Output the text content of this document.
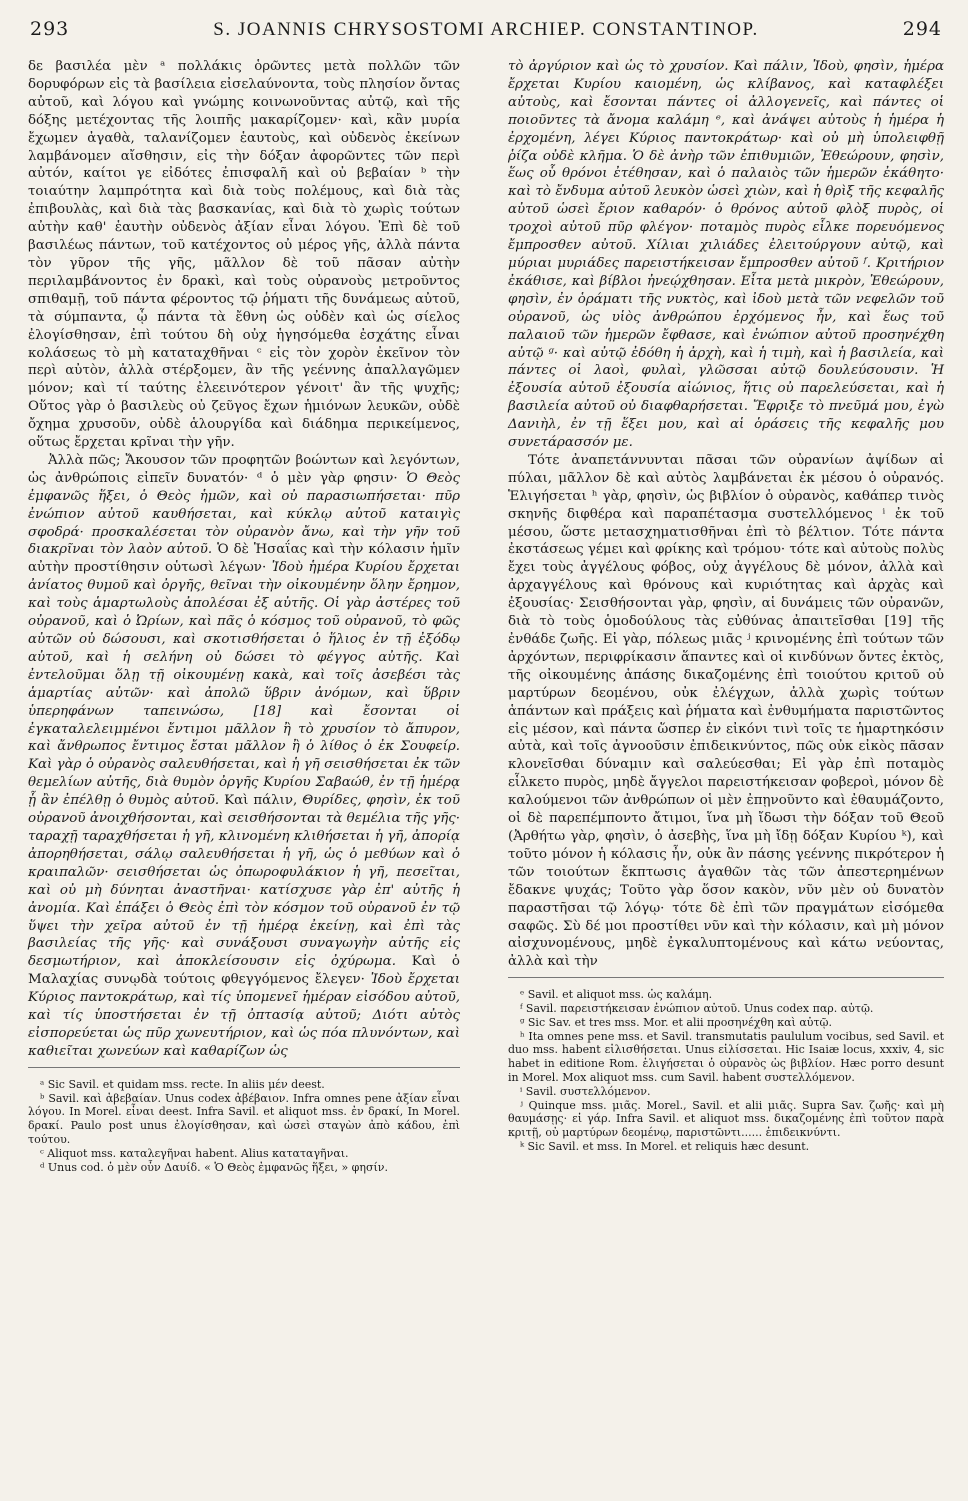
293	S. JOANNIS CHRYSOSTOMI ARCHIEP. CONSTANTINOP.	294

δε βασιλέα μὲν ᵃ πολλάκις ὁρῶντες μετὰ πολλῶν τῶν δορυφόρων εἰς τὰ βασίλεια εἰσελαύνοντα, τοὺς πλησίον ὄντας αὐτοῦ, καὶ λόγου καὶ γνώμης κοινωνοῦντας αὐτῷ, καὶ τῆς δόξης μετέχοντας τῆς λοιπῆς μακαρίζομεν· καὶ, κἂν μυρία ἔχωμεν ἀγαθὰ, ταλανίζομεν ἑαυτοὺς, καὶ οὐδενὸς ἐκείνων λαμβάνομεν αἴσθησιν, εἰς τὴν δόξαν ἀφορῶντες τῶν περὶ αὐτόν, καίτοι γε εἰδότες ἐπισφαλῆ καὶ οὐ βεβαίαν ᵇ τὴν τοιαύτην λαμπρότητα καὶ διὰ τοὺς πολέμους, καὶ διὰ τὰς ἐπιβουλὰς, καὶ διὰ τὰς βασκανίας, καὶ διὰ τὸ χωρὶς τούτων αὐτὴν καθ' ἑαυτὴν οὐδενὸς ἀξίαν εἶναι λόγου. Ἐπὶ δὲ τοῦ βασιλέως πάντων, τοῦ κατέχοντος οὐ μέρος γῆς, ἀλλὰ πάντα τὸν γῦρον τῆς γῆς, μᾶλλον δὲ τοῦ πᾶσαν αὐτὴν περιλαμβάνοντος ἐν δρακὶ, καὶ τοὺς οὐρανοὺς μετροῦντος σπιθαμῇ, τοῦ πάντα φέροντος τῷ ῥήματι τῆς δυνάμεως αὐτοῦ, τὰ σύμπαντα, ᾧ πάντα τὰ ἔθνη ὡς οὐδὲν καὶ ὡς σίελος ἐλογίσθησαν, ἐπὶ τούτου δὴ οὐχ ἡγησόμεθα ἐσχάτης εἶναι κολάσεως τὸ μὴ καταταχθῆναι ᶜ εἰς τὸν χορὸν ἐκεῖνον τὸν περὶ αὐτὸν, ἀλλὰ στέρξομεν, ἂν τῆς γεέννης ἀπαλλαγῶμεν μόνον; καὶ τί ταύτης ἐλεεινότερον γένοιτ' ἂν τῆς ψυχῆς; Οὕτος γὰρ ὁ βασιλεὺς οὐ ζεῦγος ἔχων ἡμιόνων λευκῶν, οὐδὲ ὄχημα χρυσοῦν, οὐδὲ ἁλουργίδα καὶ διάδημα περικείμενος, οὕτως ἔρχεται κρῖναι τὴν γῆν.

Ἀλλὰ πῶς; Ἄκουσον τῶν προφητῶν βοώντων καὶ λεγόντων, ὡς ἀνθρώποις εἰπεῖν δυνατόν· ᵈ ὁ μὲν γὰρ φησιν· Ὁ Θεὸς ἐμφανῶς ἥξει, ὁ Θεὸς ἡμῶν, καὶ οὐ παρασιωπήσεται· πῦρ ἐνώπιον αὐτοῦ καυθήσεται, καὶ κύκλῳ αὐτοῦ καταιγὶς σφοδρά· προσκαλέσεται τὸν οὐρανὸν ἄνω, καὶ τὴν γῆν τοῦ διακρῖναι τὸν λαὸν αὐτοῦ. Ὁ δὲ Ἡσαΐας καὶ τὴν κόλασιν ἡμῖν αὐτὴν προστίθησιν οὑτωσὶ λέγων· Ἰδοὺ ἡμέρα Κυρίου ἔρχεται ἀνίατος θυμοῦ καὶ ὀργῆς, θεῖναι τὴν οἰκουμένην ὅλην ἔρημον, καὶ τοὺς ἁμαρτωλοὺς ἀπολέσαι ἐξ αὐτῆς. Οἱ γὰρ ἀστέρες τοῦ οὐρανοῦ, καὶ ὁ Ὠρίων, καὶ πᾶς ὁ κόσμος τοῦ οὐρανοῦ, τὸ φῶς αὐτῶν οὐ δώσουσι, καὶ σκοτισθήσεται ὁ ἥλιος ἐν τῇ ἐξόδῳ αὐτοῦ, καὶ ἡ σελήνη οὐ δώσει τὸ φέγγος αὐτῆς. Καὶ ἐντελοῦμαι ὅλῃ τῇ οἰκουμένῃ κακὰ, καὶ τοῖς ἀσεβέσι τὰς ἁμαρτίας αὐτῶν· καὶ ἀπολῶ ὕβριν ἀνόμων, καὶ ὕβριν ὑπερηφάνων ταπεινώσω, [18] καὶ ἔσονται οἱ ἐγκαταλελειμμένοι ἔντιμοι μᾶλλον ἢ τὸ χρυσίον τὸ ἄπυρον, καὶ ἄνθρωπος ἔντιμος ἔσται μᾶλλον ἢ ὁ λίθος ὁ ἐκ Σουφείρ. Καὶ γὰρ ὁ οὐρανὸς σαλευθήσεται, καὶ ἡ γῆ σεισθήσεται ἐκ τῶν θεμελίων αὐτῆς, διὰ θυμὸν ὀργῆς Κυρίου Σαβαώθ, ἐν τῇ ἡμέρᾳ ᾗ ἂν ἐπέλθῃ ὁ θυμὸς αὐτοῦ. Καὶ πάλιν, Θυρίδες, φησὶν, ἐκ τοῦ οὐρανοῦ ἀνοιχθήσονται, καὶ σεισθήσονται τὰ θεμέλια τῆς γῆς· ταραχῇ ταραχθήσεται ἡ γῆ, κλινομένη κλιθήσεται ἡ γῆ, ἀπορίᾳ ἀπορηθήσεται, σάλῳ σαλευθήσεται ἡ γῆ, ὡς ὁ μεθύων καὶ ὁ κραιπαλῶν· σεισθήσεται ὡς ὀπωροφυλάκιον ἡ γῆ, πεσεῖται, καὶ οὐ μὴ δύνηται ἀναστῆναι· κατίσχυσε γὰρ ἐπ' αὐτῆς ἡ ἀνομία. Καὶ ἐπάξει ὁ Θεὸς ἐπὶ τὸν κόσμον τοῦ οὐρανοῦ ἐν τῷ ὕψει τὴν χεῖρα αὐτοῦ ἐν τῇ ἡμέρᾳ ἐκείνῃ, καὶ ἐπὶ τὰς βασιλείας τῆς γῆς· καὶ συνάξουσι συναγωγὴν αὐτῆς εἰς δεσμωτήριον, καὶ ἀποκλείσουσιν εἰς ὀχύρωμα. Καὶ ὁ Μαλαχίας συνῳδὰ τούτοις φθεγγόμενος ἔλεγεν· Ἰδοὺ ἔρχεται Κύριος παντοκράτωρ, καὶ τίς ὑπομενεῖ ἡμέραν εἰσόδου αὐτοῦ, καὶ τίς ὑποστήσεται ἐν τῇ ὀπτασίᾳ αὐτοῦ; Διότι αὐτὸς εἰσπορεύεται ὡς πῦρ χωνευτήριον, καὶ ὡς πόα πλυνόντων, καὶ καθιεῖται χωνεύων καὶ καθαρίζων ὡς

ᵃ Sic Savil. et quidam mss. recte. In aliis μέν deest.

ᵇ Savil. καὶ ἀβεβαίαν. Unus codex ἀβέβαιον. Infra omnes pene ἀξίαν εἶναι λόγου. In Morel. εἶναι deest. Infra Savil. et aliquot mss. ἐν δρακί, In Morel. δρακί. Paulo post unus ἐλογίσθησαν, καὶ ὡσεὶ σταγὼν ἀπὸ κάδου, ἐπὶ τούτου.

ᶜ Aliquot mss. καταλεγῆναι habent. Alius καταταγῆναι.

ᵈ Unus cod. ὁ μὲν οὖν Δαυίδ. « Ὁ Θεὸς ἐμφανῶς ἥξει, » φησίν.

τὸ ἀργύριον καὶ ὡς τὸ χρυσίον. Καὶ πάλιν, Ἰδοὺ, φησὶν, ἡμέρα ἔρχεται Κυρίου καιομένη, ὡς κλίβανος, καὶ καταφλέξει αὐτοὺς, καὶ ἔσονται πάντες οἱ ἀλλογενεῖς, καὶ πάντες οἱ ποιοῦντες τὰ ἄνομα καλάμη ᵉ, καὶ ἀνάψει αὐτοὺς ἡ ἡμέρα ἡ ἐρχομένη, λέγει Κύριος παντοκράτωρ· καὶ οὐ μὴ ὑπολειφθῇ ῥίζα οὐδὲ κλῆμα. Ὁ δὲ ἀνὴρ τῶν ἐπιθυμιῶν, Ἐθεώρουν, φησὶν, ἕως οὗ θρόνοι ἐτέθησαν, καὶ ὁ παλαιὸς τῶν ἡμερῶν ἐκάθητο· καὶ τὸ ἔνδυμα αὐτοῦ λευκὸν ὡσεὶ χιὼν, καὶ ἡ θρὶξ τῆς κεφαλῆς αὐτοῦ ὡσεὶ ἔριον καθαρόν· ὁ θρόνος αὐτοῦ φλὸξ πυρὸς, οἱ τροχοὶ αὐτοῦ πῦρ φλέγον· ποταμὸς πυρὸς εἷλκε πορευόμενος ἔμπροσθεν αὐτοῦ. Χίλιαι χιλιάδες ἐλειτούργουν αὐτῷ, καὶ μύριαι μυριάδες παρειστήκεισαν ἔμπροσθεν αὐτοῦ ᶠ. Κριτήριον ἐκάθισε, καὶ βίβλοι ἠνεῴχθησαν. Εἶτα μετὰ μικρὸν, Ἐθεώρουν, φησὶν, ἐν ὁράματι τῆς νυκτὸς, καὶ ἰδοὺ μετὰ τῶν νεφελῶν τοῦ οὐρανοῦ, ὡς υἱὸς ἀνθρώπου ἐρχόμενος ἦν, καὶ ἕως τοῦ παλαιοῦ τῶν ἡμερῶν ἔφθασε, καὶ ἐνώπιον αὐτοῦ προσηνέχθη αὐτῷ ᵍ· καὶ αὐτῷ ἐδόθη ἡ ἀρχὴ, καὶ ἡ τιμὴ, καὶ ἡ βασιλεία, καὶ πάντες οἱ λαοὶ, φυλαὶ, γλῶσσαι αὐτῷ δουλεύσουσιν. Ἡ ἐξουσία αὐτοῦ ἐξουσία αἰώνιος, ἥτις οὐ παρελεύσεται, καὶ ἡ βασιλεία αὐτοῦ οὐ διαφθαρήσεται. Ἔφριξε τὸ πνεῦμά μου, ἐγὼ Δανιὴλ, ἐν τῇ ἕξει μου, καὶ αἱ ὁράσεις τῆς κεφαλῆς μου συνετάρασσόν με.

Τότε ἀναπετάννυνται πᾶσαι τῶν οὐρανίων ἀψίδων αἱ πύλαι, μᾶλλον δὲ καὶ αὐτὸς λαμβάνεται ἐκ μέσου ὁ οὐρανός. Ἑλιγήσεται ʰ γὰρ, φησὶν, ὡς βιβλίον ὁ οὐρανὸς, καθάπερ τινὸς σκηνῆς διφθέρα καὶ παραπέτασμα συστελλόμενος ⁱ ἐκ τοῦ μέσου, ὥστε μετασχηματισθῆναι ἐπὶ τὸ βέλτιον. Τότε πάντα ἐκστάσεως γέμει καὶ φρίκης καὶ τρόμου· τότε καὶ αὐτοὺς πολὺς ἔχει τοὺς ἀγγέλους φόβος, οὐχ ἀγγέλους δὲ μόνον, ἀλλὰ καὶ ἀρχαγγέλους καὶ θρόνους καὶ κυριότητας καὶ ἀρχὰς καὶ ἐξουσίας· Σεισθήσονται γὰρ, φησὶν, αἱ δυνάμεις τῶν οὐρανῶν, διὰ τὸ τοὺς ὁμοδούλους τὰς εὐθύνας ἀπαιτεῖσθαι [19] τῆς ἐνθάδε ζωῆς. Εἰ γὰρ, πόλεως μιᾶς ʲ κρινομένης ἐπὶ τούτων τῶν ἀρχόντων, περιφρίκασιν ἅπαντες καὶ οἱ κινδύνων ὄντες ἐκτὸς, τῆς οἰκουμένης ἁπάσης δικαζομένης ἐπὶ τοιούτου κριτοῦ οὐ μαρτύρων δεομένου, οὐκ ἐλέγχων, ἀλλὰ χωρὶς τούτων ἁπάντων καὶ πράξεις καὶ ῥήματα καὶ ἐνθυμήματα παριστῶντος εἰς μέσον, καὶ πάντα ὥσπερ ἐν εἰκόνι τινὶ τοῖς τε ἡμαρτηκόσιν αὐτὰ, καὶ τοῖς ἀγνοοῦσιν ἐπιδεικνύντος, πῶς οὐκ εἰκὸς πᾶσαν κλονεῖσθαι δύναμιν καὶ σαλεύεσθαι; Εἰ γὰρ ἐπὶ ποταμὸς εἷλκετο πυρὸς, μηδὲ ἄγγελοι παρειστήκεισαν φοβεροὶ, μόνον δὲ καλούμενοι τῶν ἀνθρώπων οἱ μὲν ἐπῃνοῦντο καὶ ἐθαυμάζοντο, οἱ δὲ παρεπέμποντο ἄτιμοι, ἵνα μὴ ἴδωσι τὴν δόξαν τοῦ Θεοῦ (Ἀρθήτω γὰρ, φησὶν, ὁ ἀσεβὴς, ἵνα μὴ ἴδῃ δόξαν Κυρίου ᵏ), καὶ τοῦτο μόνον ἡ κόλασις ἦν, οὐκ ἂν πάσης γεέννης πικρότερον ἡ τῶν τοιούτων ἔκπτωσις ἀγαθῶν τὰς τῶν ἀπεστερημένων ἔδακνε ψυχάς; Τοῦτο γὰρ ὅσον κακὸν, νῦν μὲν οὐ δυνατὸν παραστῆσαι τῷ λόγῳ· τότε δὲ ἐπὶ τῶν πραγμάτων εἰσόμεθα σαφῶς. Σὺ δέ μοι προστίθει νῦν καὶ τὴν κόλασιν, καὶ μὴ μόνον αἰσχυνομένους, μηδὲ ἐγκαλυπτομένους καὶ κάτω νεύοντας, ἀλλὰ καὶ τὴν

ᵉ Savil. et aliquot mss. ὡς καλάμη.

ᶠ Savil. παρειστήκεισαν ἐνώπιον αὐτοῦ. Unus codex παρ. αὐτῷ.

ᵍ Sic Sav. et tres mss. Mor. et alii προσηνέχθη καὶ αὐτῷ.

ʰ Ita omnes pene mss. et Savil. transmutatis paululum vocibus, sed Savil. et duo mss. habent εἰλισθήσεται. Unus εἰλίσσεται. Hic Isaiæ locus, xxxiv, 4, sic habet in editione Rom. ἑλιγήσεται ὁ οὐρανὸς ὡς βιβλίον. Hæc porro desunt in Morel. Mox aliquot mss. cum Savil. habent συστελλόμενον.

ⁱ Savil. συστελλόμενον.

ʲ Quinque mss. μιᾶς. Morel., Savil. et alii μιᾶς. Supra Sav. ζωῆς· καὶ μὴ θαυμάσῃς· εἰ γάρ. Infra Savil. et aliquot mss. δικαζομένης ἐπὶ τοῦτον παρὰ κριτῇ, οὐ μαρτύρων δεομένῳ, παριστῶντι...... ἐπιδεικνύντι.

ᵏ Sic Savil. et mss. In Morel. et reliquis hæc desunt.
